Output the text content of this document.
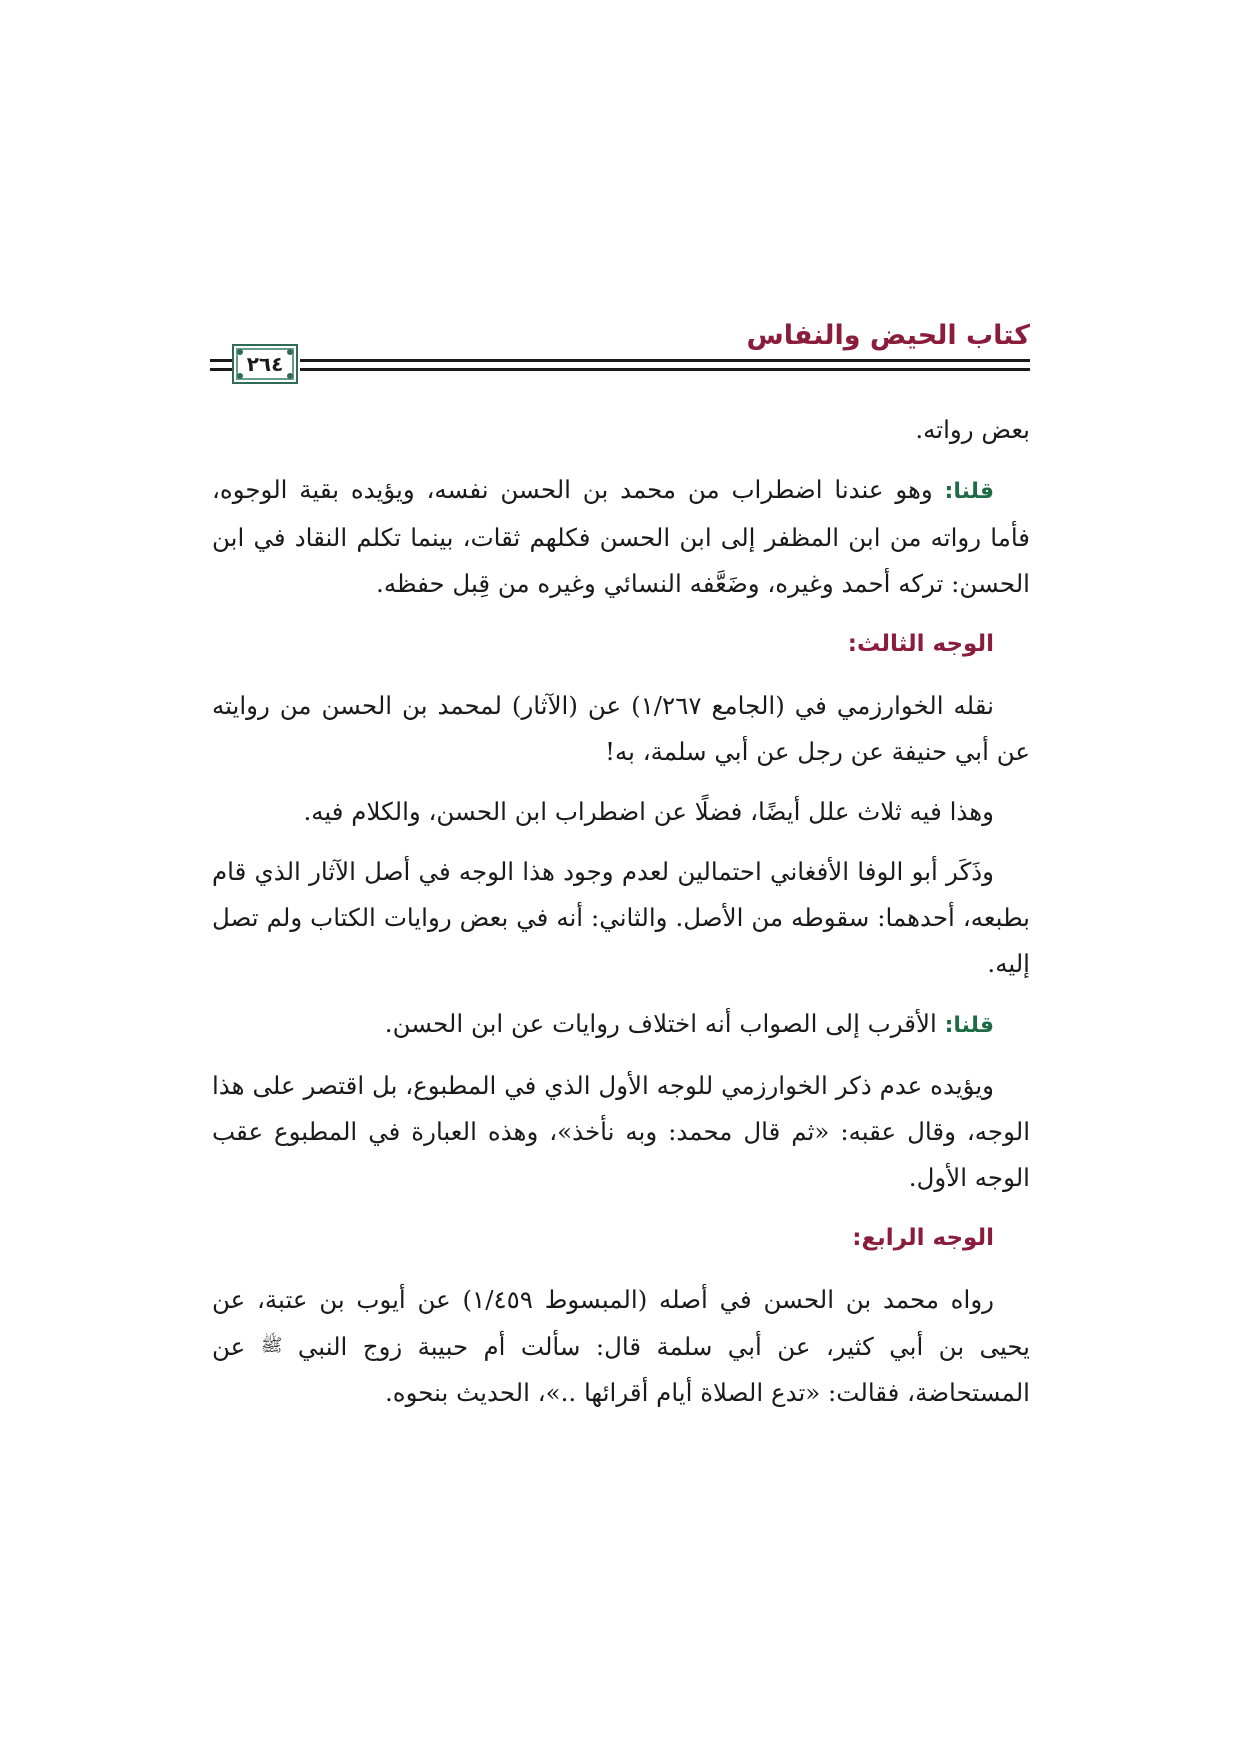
كتاب الحيض والنفاس
٢٦٤

بعض رواته.

قلنا: وهو عندنا اضطراب من محمد بن الحسن نفسه، ويؤيده بقية الوجوه، فأما رواته من ابن المظفر إلى ابن الحسن فكلهم ثقات، بينما تكلم النقاد في ابن الحسن: تركه أحمد وغيره، وضَعَّفه النسائي وغيره من قِبل حفظه.

الوجه الثالث:

نقله الخوارزمي في (الجامع ١/٢٦٧) عن (الآثار) لمحمد بن الحسن من روايته عن أبي حنيفة عن رجل عن أبي سلمة، به!

وهذا فيه ثلاث علل أيضًا، فضلًا عن اضطراب ابن الحسن، والكلام فيه.

وذَكَر أبو الوفا الأفغاني احتمالين لعدم وجود هذا الوجه في أصل الآثار الذي قام بطبعه، أحدهما: سقوطه من الأصل. والثاني: أنه في بعض روايات الكتاب ولم تصل إليه.

قلنا: الأقرب إلى الصواب أنه اختلاف روايات عن ابن الحسن.

ويؤيده عدم ذكر الخوارزمي للوجه الأول الذي في المطبوع، بل اقتصر على هذا الوجه، وقال عقبه: «ثم قال محمد: وبه نأخذ»، وهذه العبارة في المطبوع عقب الوجه الأول.

الوجه الرابع:

رواه محمد بن الحسن في أصله (المبسوط ١/٤٥٩) عن أيوب بن عتبة، عن يحيى بن أبي كثير، عن أبي سلمة قال: سألت أم حبيبة زوج النبي ﷺ عن المستحاضة، فقالت: «تدع الصلاة أيام أقرائها ..»، الحديث بنحوه.
